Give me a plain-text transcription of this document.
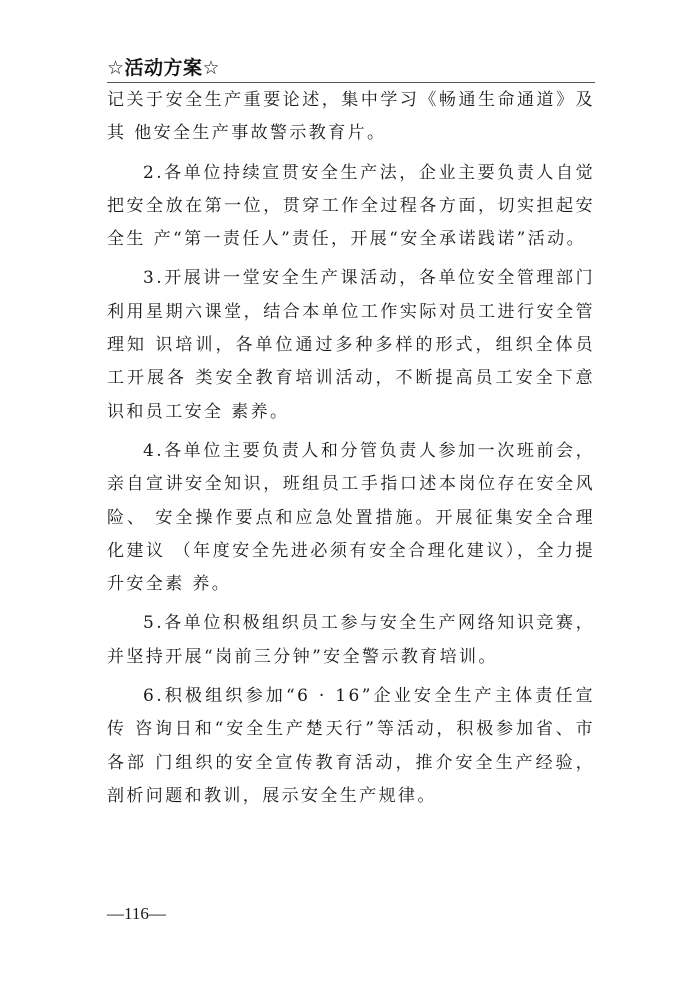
☆活动方案☆

记关于安全生产重要论述，集中学习《畅通生命通道》及其 他安全生产事故警示教育片。

2.各单位持续宣贯安全生产法，企业主要负责人自觉把安全放在第一位，贯穿工作全过程各方面，切实担起安全生 产“第一责任人”责任，开展“安全承诺践诺”活动。

3.开展讲一堂安全生产课活动，各单位安全管理部门利用星期六课堂，结合本单位工作实际对员工进行安全管理知 识培训，各单位通过多种多样的形式，组织全体员工开展各 类安全教育培训活动，不断提高员工安全下意识和员工安全 素养。

4.各单位主要负责人和分管负责人参加一次班前会，亲自宣讲安全知识，班组员工手指口述本岗位存在安全风险、 安全操作要点和应急处置措施。开展征集安全合理化建议 （年度安全先进必须有安全合理化建议），全力提升安全素 养。

5.各单位积极组织员工参与安全生产网络知识竞赛，并坚持开展“岗前三分钟”安全警示教育培训。

6.积极组织参加“6 · 16”企业安全生产主体责任宣传 咨询日和“安全生产楚天行”等活动，积极参加省、市各部 门组织的安全宣传教育活动，推介安全生产经验，剖析问题和教训，展示安全生产规律。

—116—
